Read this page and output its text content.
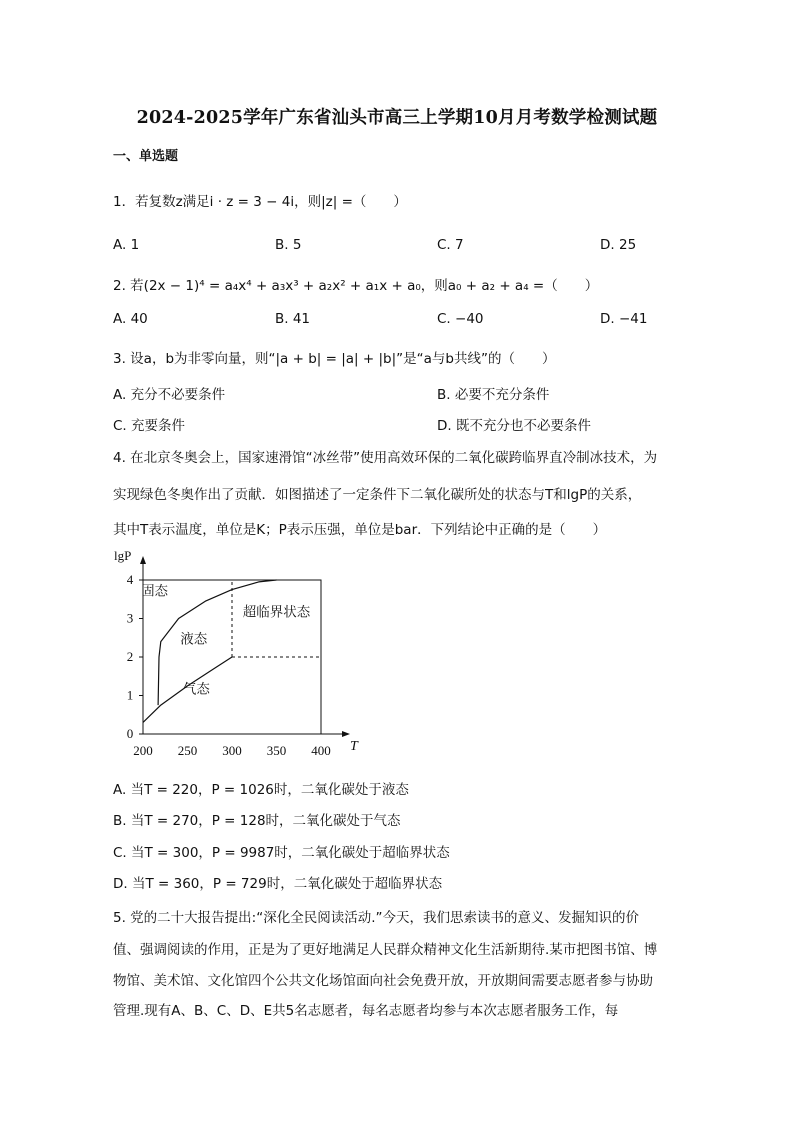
2024-2025学年广东省汕头市高三上学期10月月考数学检测试题
一、单选题
1．若复数z满足i · z = 3 − 4i，则|z| =（　　）
A. 1	B. 5	C. 7	D. 25
2. 若(2x − 1)⁴ = a₄x⁴ + a₃x³ + a₂x² + a₁x + a₀，则a₀ + a₂ + a₄ =（　　）
A. 40	B. 41	C. −40	D. −41
3. 设a，b为非零向量，则“|a + b| = |a| + |b|”是“a与b共线”的（　　）
A. 充分不必要条件	B. 必要不充分条件
C. 充要条件	D. 既不充分也不必要条件
4. 在北京冬奥会上，国家速滑馆“冰丝带”使用高效环保的二氧化碳跨临界直冷制冰技术，为
实现绿色冬奥作出了贡献．如图描述了一定条件下二氧化碳所处的状态与T和lgP的关系，
其中T表示温度，单位是K；P表示压强，单位是bar．下列结论中正确的是（　　）
lgP
T
200 250 300 350 400
0
1
2
3
4
固态
液态
超临界状态
气态
A. 当T = 220，P = 1026时，二氧化碳处于液态
B. 当T = 270，P = 128时，二氧化碳处于气态
C. 当T = 300，P = 9987时，二氧化碳处于超临界状态
D. 当T = 360，P = 729时，二氧化碳处于超临界状态
5. 党的二十大报告提出:“深化全民阅读活动.”今天，我们思索读书的意义、发掘知识的价
值、强调阅读的作用，正是为了更好地满足人民群众精神文化生活新期待.某市把图书馆、博
物馆、美术馆、文化馆四个公共文化场馆面向社会免费开放，开放期间需要志愿者参与协助
管理.现有A、B、C、D、E共5名志愿者，每名志愿者均参与本次志愿者服务工作，每
